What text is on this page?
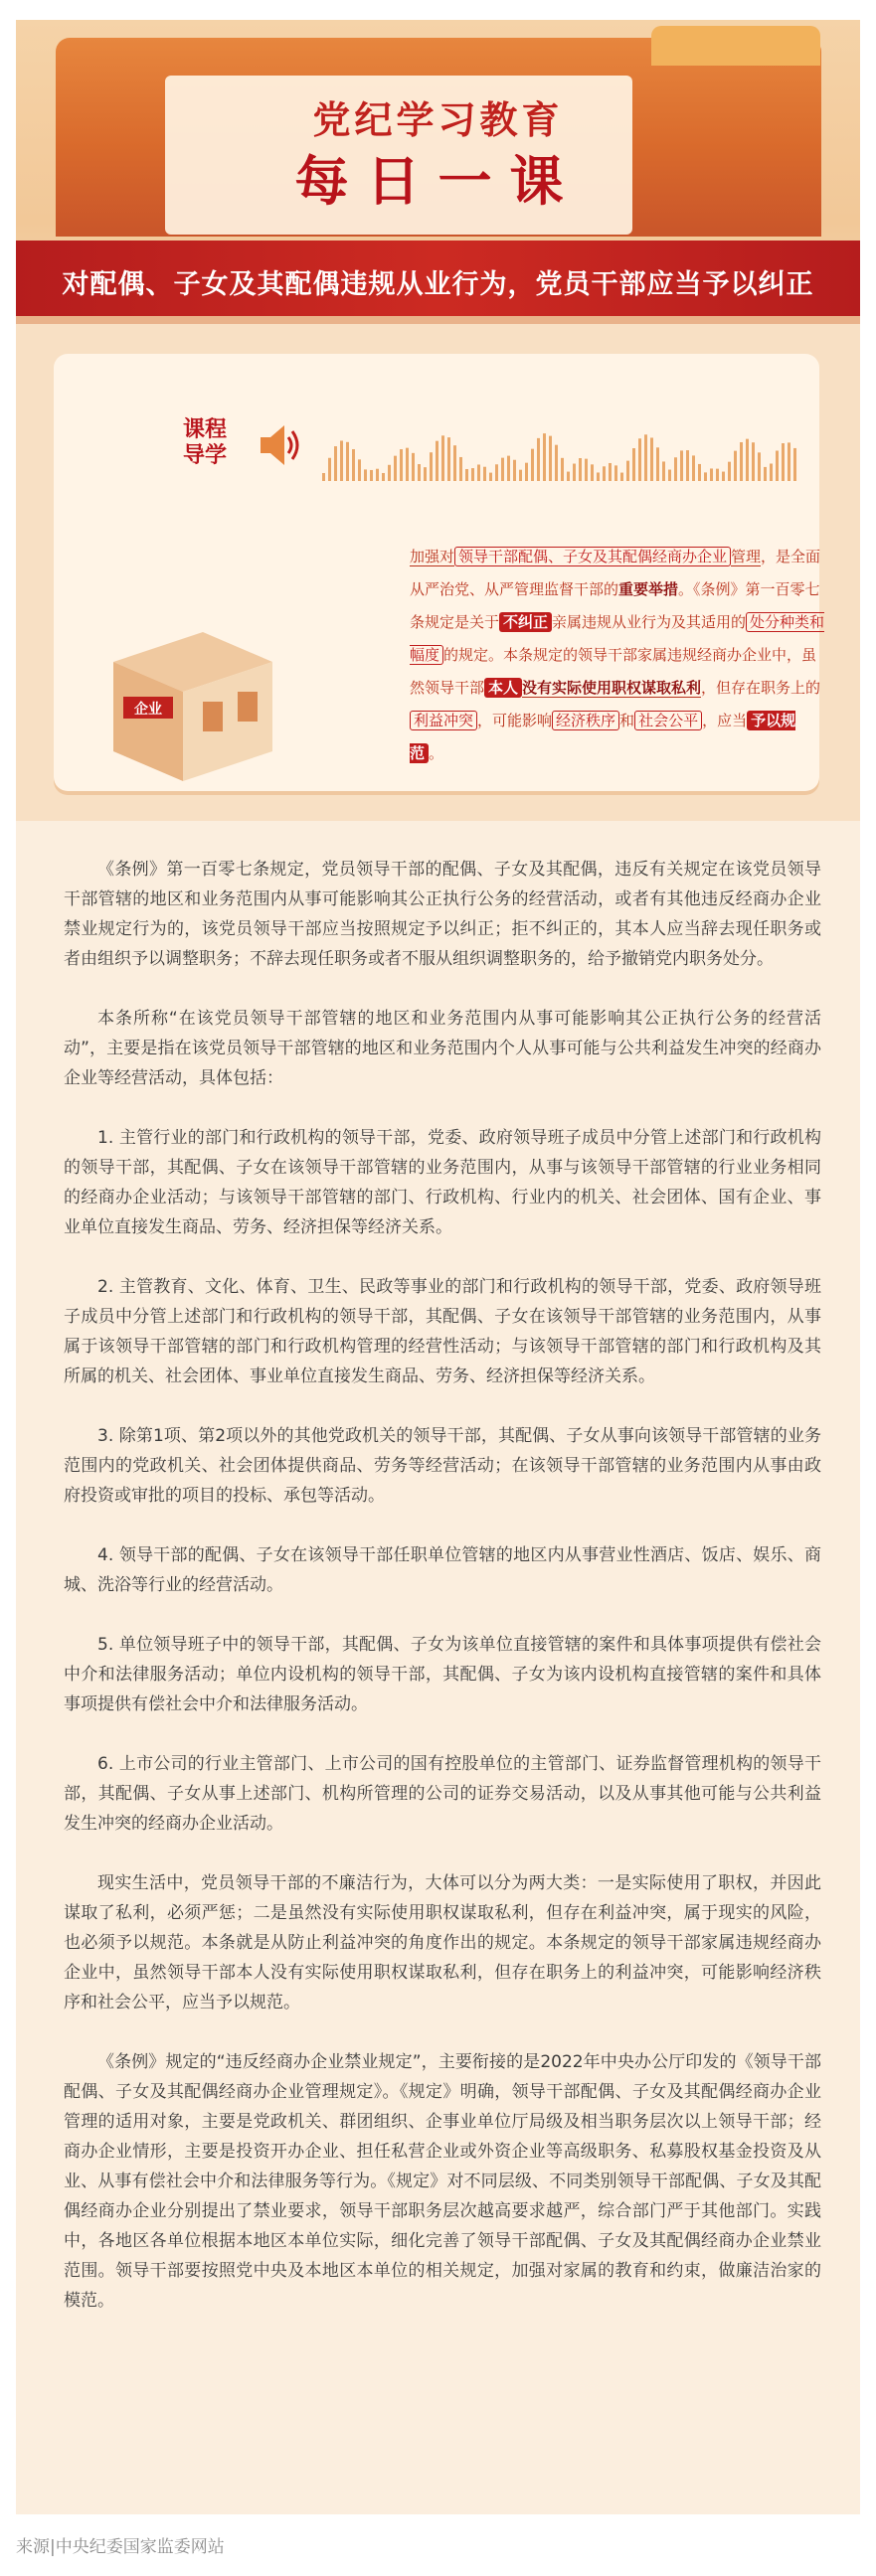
党纪学习教育
每日一课
对配偶、子女及其配偶违规从业行为，党员干部应当予以纠正
课程导学
企业

加强对 领导干部配偶、子女及其配偶经商办企业 管理，是全面从严治党、从严管理监督干部的重要举措。《条例》第一百零七条规定是关于 不纠正 亲属违规从业行为及其适用的 处分种类和幅度 的规定。本条规定的领导干部家属违规经商办企业中，虽然领导干部 本人 没有实际使用职权谋取私利，但存在职务上的利益冲突 ，可能影响 经济秩序 和 社会公平 ，应当 予以规范 。

《条例》第一百零七条规定，党员领导干部的配偶、子女及其配偶，违反有关规定在该党员领导干部管辖的地区和业务范围内从事可能影响其公正执行公务的经营活动，或者有其他违反经商办企业禁业规定行为的，该党员领导干部应当按照规定予以纠正；拒不纠正的，其本人应当辞去现任职务或者由组织予以调整职务；不辞去现任职务或者不服从组织调整职务的，给予撤销党内职务处分。

本条所称“在该党员领导干部管辖的地区和业务范围内从事可能影响其公正执行公务的经营活动”，主要是指在该党员领导干部管辖的地区和业务范围内个人从事可能与公共利益发生冲突的经商办企业等经营活动，具体包括：

1. 主管行业的部门和行政机构的领导干部，党委、政府领导班子成员中分管上述部门和行政机构的领导干部，其配偶、子女在该领导干部管辖的业务范围内，从事与该领导干部管辖的行业业务相同的经商办企业活动；与该领导干部管辖的部门、行政机构、行业内的机关、社会团体、国有企业、事业单位直接发生商品、劳务、经济担保等经济关系。

2. 主管教育、文化、体育、卫生、民政等事业的部门和行政机构的领导干部，党委、政府领导班子成员中分管上述部门和行政机构的领导干部，其配偶、子女在该领导干部管辖的业务范围内，从事属于该领导干部管辖的部门和行政机构管理的经营性活动；与该领导干部管辖的部门和行政机构及其所属的机关、社会团体、事业单位直接发生商品、劳务、经济担保等经济关系。

3. 除第1项、第2项以外的其他党政机关的领导干部，其配偶、子女从事向该领导干部管辖的业务范围内的党政机关、社会团体提供商品、劳务等经营活动；在该领导干部管辖的业务范围内从事由政府投资或审批的项目的投标、承包等活动。

4. 领导干部的配偶、子女在该领导干部任职单位管辖的地区内从事营业性酒店、饭店、娱乐、商城、洗浴等行业的经营活动。

5. 单位领导班子中的领导干部，其配偶、子女为该单位直接管辖的案件和具体事项提供有偿社会中介和法律服务活动；单位内设机构的领导干部，其配偶、子女为该内设机构直接管辖的案件和具体事项提供有偿社会中介和法律服务活动。

6. 上市公司的行业主管部门、上市公司的国有控股单位的主管部门、证券监督管理机构的领导干部，其配偶、子女从事上述部门、机构所管理的公司的证券交易活动，以及从事其他可能与公共利益发生冲突的经商办企业活动。

现实生活中，党员领导干部的不廉洁行为，大体可以分为两大类：一是实际使用了职权，并因此谋取了私利，必须严惩；二是虽然没有实际使用职权谋取私利，但存在利益冲突，属于现实的风险，也必须予以规范。本条就是从防止利益冲突的角度作出的规定。本条规定的领导干部家属违规经商办企业中，虽然领导干部本人没有实际使用职权谋取私利，但存在职务上的利益冲突，可能影响经济秩序和社会公平，应当予以规范。

《条例》规定的“违反经商办企业禁业规定”，主要衔接的是2022年中央办公厅印发的《领导干部配偶、子女及其配偶经商办企业管理规定》。《规定》明确，领导干部配偶、子女及其配偶经商办企业管理的适用对象，主要是党政机关、群团组织、企事业单位厅局级及相当职务层次以上领导干部；经商办企业情形，主要是投资开办企业、担任私营企业或外资企业等高级职务、私募股权基金投资及从业、从事有偿社会中介和法律服务等行为。《规定》对不同层级、不同类别领导干部配偶、子女及其配偶经商办企业分别提出了禁业要求，领导干部职务层次越高要求越严，综合部门严于其他部门。实践中，各地区各单位根据本地区本单位实际，细化完善了领导干部配偶、子女及其配偶经商办企业禁业范围。领导干部要按照党中央及本地区本单位的相关规定，加强对家属的教育和约束，做廉洁治家的模范。

来源|中央纪委国家监委网站
